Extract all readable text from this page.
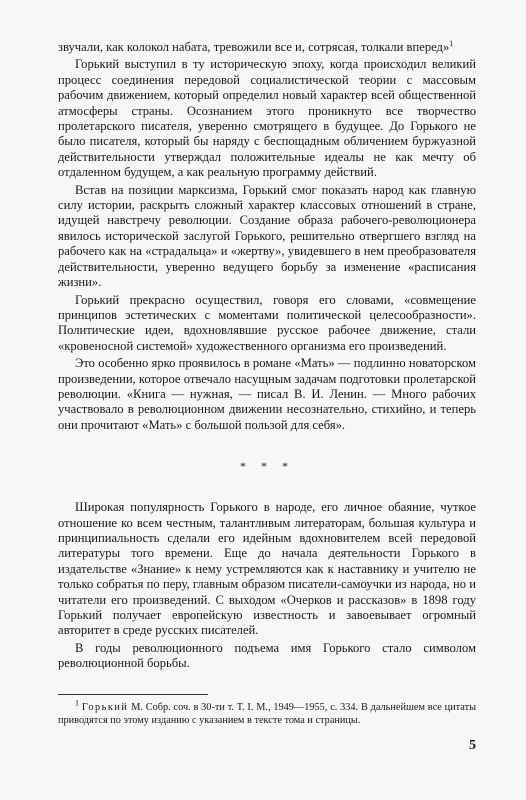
звучали, как колокол набата, тревожили все и, сотрясая, толкали вперед»$^1$

Горький выступил в ту историческую эпоху, когда происходил великий процесс соединения передовой социалистической теории с массовым рабочим движением, который определил новый характер всей общественной атмосферы страны. Осознанием этого проникнуто все творчество пролетарского писателя, уверенно смотрящего в будущее. До Горького не было писателя, который бы наряду с беспощадным обличением буржуазной действительности утверждал положительные идеалы не как мечту об отдаленном будущем, а как реальную программу действий.

Встав на позиции марксизма, Горький смог показать народ как главную силу истории, раскрыть сложный характер классовых отношений в стране, идущей навстречу революции. Создание образа рабочего-революционера явилось исторической заслугой Горького, решительно отвергшего взгляд на рабочего как на «страдальца» и «жертву», увидевшего в нем преобразователя действительности, уверенно ведущего борьбу за изменение «расписания жизни».

Горький прекрасно осуществил, говоря его словами, «совмещение принципов эстетических с моментами политической целесообразности». Политические идеи, вдохновлявшие русское рабочее движение, стали «кровеносной системой» художественного организма его произведений.

Это особенно ярко проявилось в романе «Мать» — подлинно новаторском произведении, которое отвечало насущным задачам подготовки пролетарской революции. «Книга — нужная, — писал В. И. Ленин. — Много рабочих участвовало в революционном движении несознательно, стихийно, и теперь они прочитают «Мать» с большой пользой для себя».

* * *

Широкая популярность Горького в народе, его личное обаяние, чуткое отношение ко всем честным, талантливым литераторам, большая культура и принципиальность сделали его идейным вдохновителем всей передовой литературы того времени. Еще до начала деятельности Горького в издательстве «Знание» к нему устремляются как к наставнику и учителю не только собратья по перу, главным образом писатели-самоучки из народа, но и читатели его произведений. С выходом «Очерков и рассказов» в 1898 году Горький получает европейскую известность и завоевывает огромный авторитет в среде русских писателей.

В годы революционного подъема имя Горького стало символом революционной борьбы.

$^1$ Горький М. Собр. соч. в 30-ти т. Т. I. М., 1949—1955, с. 334. В дальнейшем все цитаты приводятся по этому изданию с указанием в тексте тома и страницы.

5
